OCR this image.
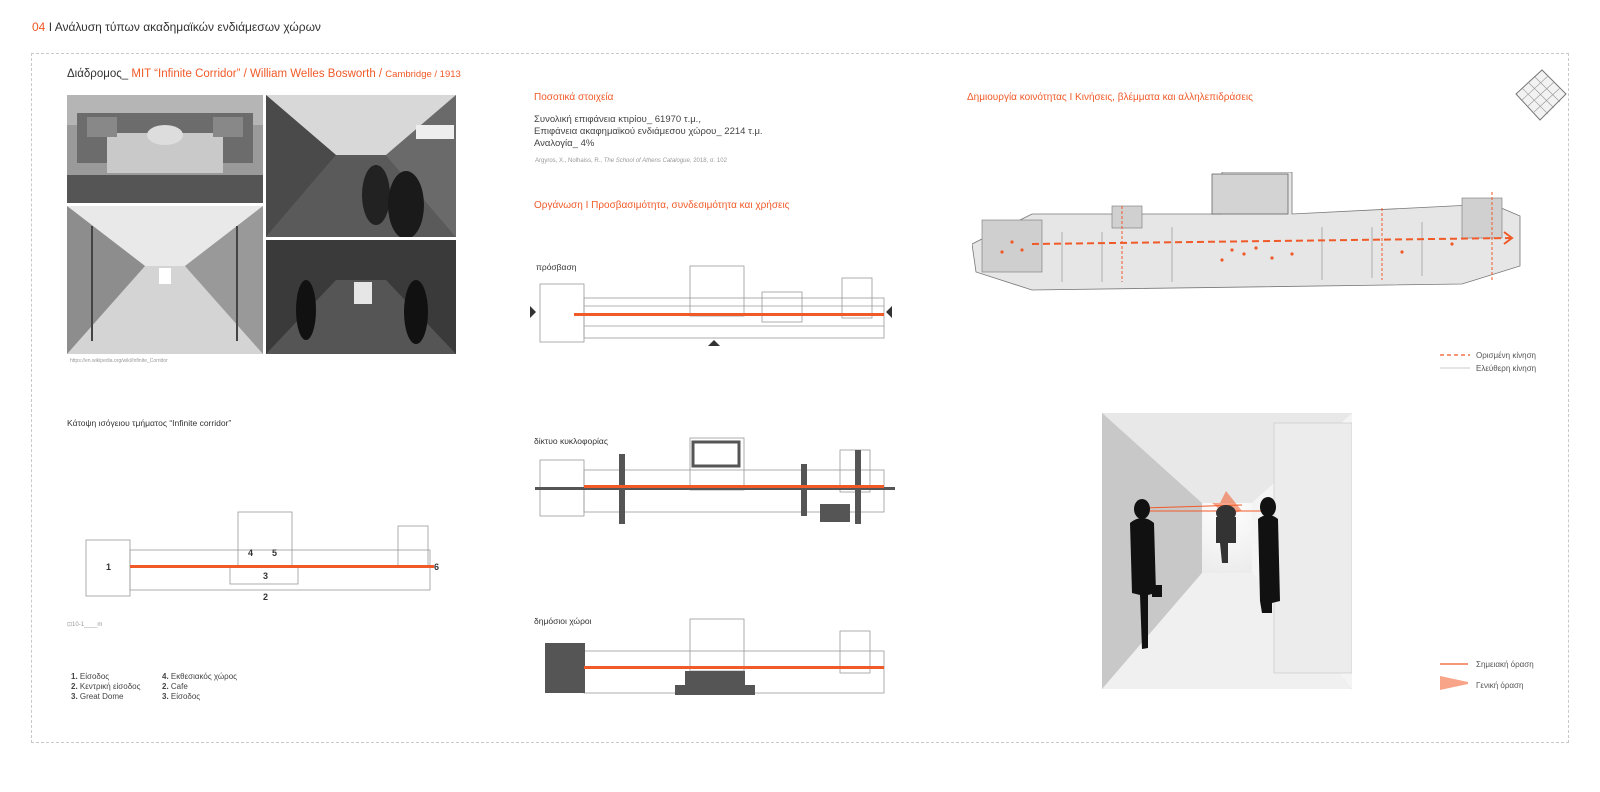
04 Ι Ανάλυση τύπων ακαδημαϊκών ενδιάμεσων χώρων
Διάδρομος_ MIT “Infinite Corridor” / William Welles Bosworth / Cambridge / 1913
https://en.wikipedia.org/wiki/Infinite_Corridor
Ποσοτικά στοιχεία
Συνολική επιφάνεια κτιρίου_ 61970 τ.μ.,
Επιφάνεια ακαφημαϊκού ενδιάμεσου χώρου_ 2214 τ.μ.
Αναλογία_ 4%
Argyros, X., Nolhaiss, R., The School of Athens Catalogue, 2018, σ. 102
Οργάνωση Ι Προσβασιμότητα, συνδεσιμότητα και χρήσεις
πρόσβαση
δίκτυο κυκλοφορίας
δημόσιοι χώροι
Κάτοψη ισόγειου τμήματος “Infinite corridor”
1
2
3
4 5
6
⊡10-1____m
1. Είσοδος
2. Κεντρική είσοδος
3. Great Dome
4. Εκθεσιακός χώρος
2. Cafe
3. Είσοδος
Δημιουργία κοινότητας Ι Κινήσεις, βλέμματα και αλληλεπιδράσεις
Ορισμένη κίνηση
Ελεύθερη κίνηση
Σημειακή όραση
Γενική όραση
